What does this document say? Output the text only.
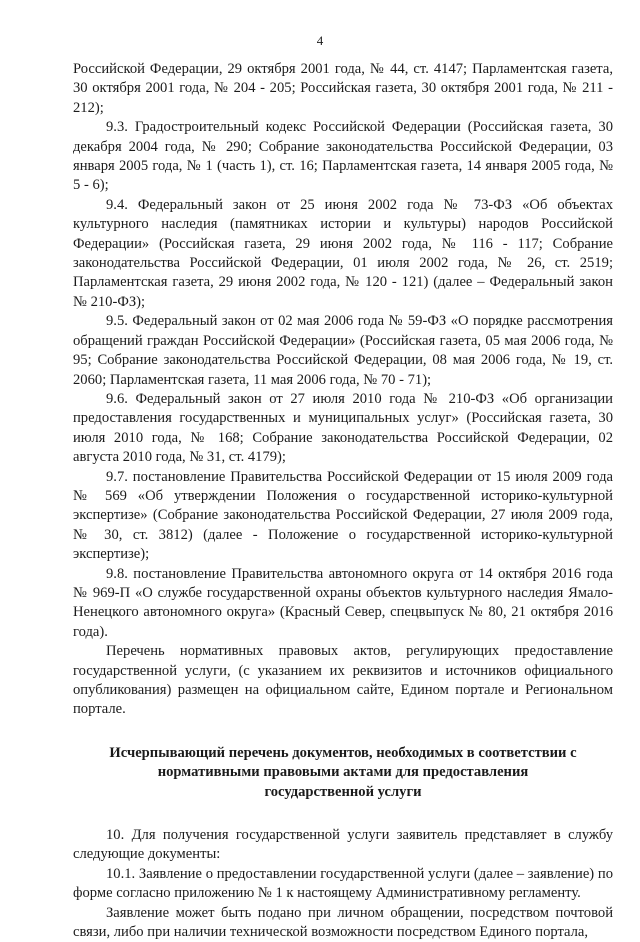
4

Российской Федерации, 29 октября 2001 года, № 44, ст. 4147; Парламентская газета, 30 октября 2001 года, № 204 - 205; Российская газета, 30 октября 2001 года, № 211 - 212);

9.3. Градостроительный кодекс Российской Федерации (Российская газета, 30 декабря 2004 года, № 290; Собрание законодательства Российской Федерации, 03 января 2005 года, № 1 (часть 1), ст. 16; Парламентская газета, 14 января 2005 года, № 5 - 6);

9.4. Федеральный закон от 25 июня 2002 года № 73-ФЗ «Об объектах культурного наследия (памятниках истории и культуры) народов Российской Федерации» (Российская газета, 29 июня 2002 года, № 116 - 117; Собрание законодательства Российской Федерации, 01 июля 2002 года, № 26, ст. 2519; Парламентская газета, 29 июня 2002 года, № 120 - 121) (далее – Федеральный закон № 210-ФЗ);

9.5. Федеральный закон от 02 мая 2006 года № 59-ФЗ «О порядке рассмотрения обращений граждан Российской Федерации» (Российская газета, 05 мая 2006 года, № 95; Собрание законодательства Российской Федерации, 08 мая 2006 года, № 19, ст. 2060; Парламентская газета, 11 мая 2006 года, № 70 - 71);

9.6. Федеральный закон от 27 июля 2010 года № 210-ФЗ «Об организации предоставления государственных и муниципальных услуг» (Российская газета, 30 июля 2010 года, № 168; Собрание законодательства Российской Федерации, 02 августа 2010 года, № 31, ст. 4179);

9.7. постановление Правительства Российской Федерации от 15 июля 2009 года № 569 «Об утверждении Положения о государственной историко-культурной экспертизе» (Собрание законодательства Российской Федерации, 27 июля 2009 года, № 30, ст. 3812) (далее - Положение о государственной историко-культурной экспертизе);

9.8. постановление Правительства автономного округа от 14 октября 2016 года № 969-П «О службе государственной охраны объектов культурного наследия Ямало-Ненецкого автономного округа» (Красный Север, спецвыпуск № 80, 21 октября 2016 года).

Перечень нормативных правовых актов, регулирующих предоставление государственной услуги, (с указанием их реквизитов и источников официального опубликования) размещен на официальном сайте, Едином портале и Региональном портале.

Исчерпывающий перечень документов, необходимых в соответствии с нормативными правовыми актами для предоставления государственной услуги

10. Для получения государственной услуги заявитель представляет в службу следующие документы:

10.1. Заявление о предоставлении государственной услуги (далее – заявление) по форме согласно приложению № 1 к настоящему Административному регламенту.

Заявление может быть подано при личном обращении, посредством почтовой связи, либо при наличии технической возможности посредством Единого портала,
